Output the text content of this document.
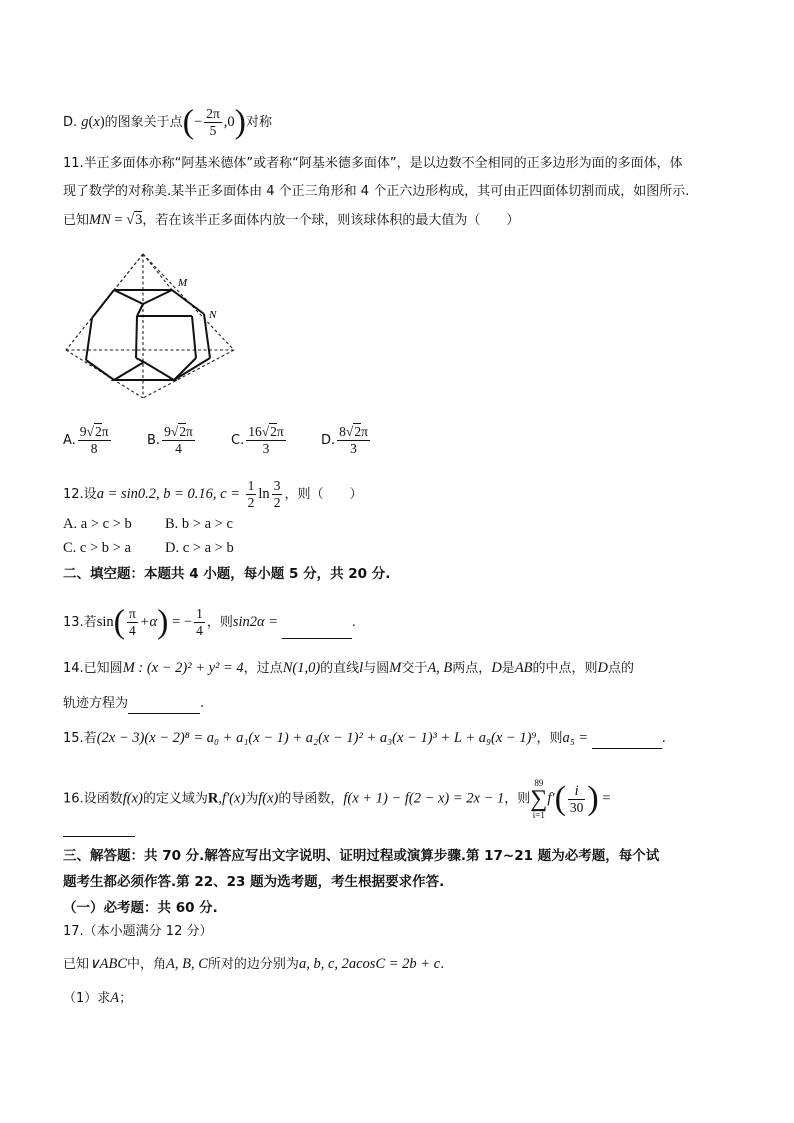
D. g(x)的图象关于点(− $\frac{2\pi}{5} ,0$)对称
11.半正多面体亦称“阿基米德体”或者称“阿基米德多面体”，是以边数不全相同的正多边形为面的多面体，体
现了数学的对称美.某半正多面体由 4 个正三角形和 4 个正六边形构成，其可由正四面体切割而成，如图所示.
已知MN = √3，若在该半正多面体内放一个球，则该球体积的最大值为（　　）
M
N
A. $\frac{9√2\pi}{8}$	B. $\frac{9√2\pi}{4}$	C. $\frac{16√2\pi}{3}$	D. $\frac{8√2\pi}{3}$
12.设a = sin0.2, b = 0.16, $c = \frac{1}{2}$ $\ln \frac{3}{2}$ ，则（　　）
A. a > c > b B. b > a > c
C. c > b > a D. c > a > b
二、填空题：本题共 4 小题，每小题 5 分，共 20 分.
13.若$\sin( \frac{\pi}{4} +\alpha)$ = − $\frac{1}{4}$ ，则sin2α =	.
14.已知圆M : (x − 2)² + y² = 4，过点N(1,0)的直线l与圆M交于A, B两点，D是AB的中点，则D点的
轨迹方程为	.
15.若(2x − 3)(x − 2)⁸ = a₀ + a₁(x − 1) + a₂(x − 1)² + a₃(x − 1)³ + L + a₉(x − 1)⁹，则a₅ =	.
16.设函数f(x)的定义域为R,f′(x)为f(x)的导函数，f(x + 1) − f(2 − x) = 2x − 1，则
89
∑
i=1
$f'( \frac{i}{30}$ ) =
三、解答题：共 70 分.解答应写出文字说明、证明过程或演算步骤.第 17~21 题为必考题，每个试
题考生都必须作答.第 22、23 题为选考题，考生根据要求作答.
（一）必考题：共 60 分.
17.（本小题满分 12 分）
已知∨ABC中，角A, B, C所对的边分别为a, b, c, 2acosC = 2b + c.
（1）求A；
